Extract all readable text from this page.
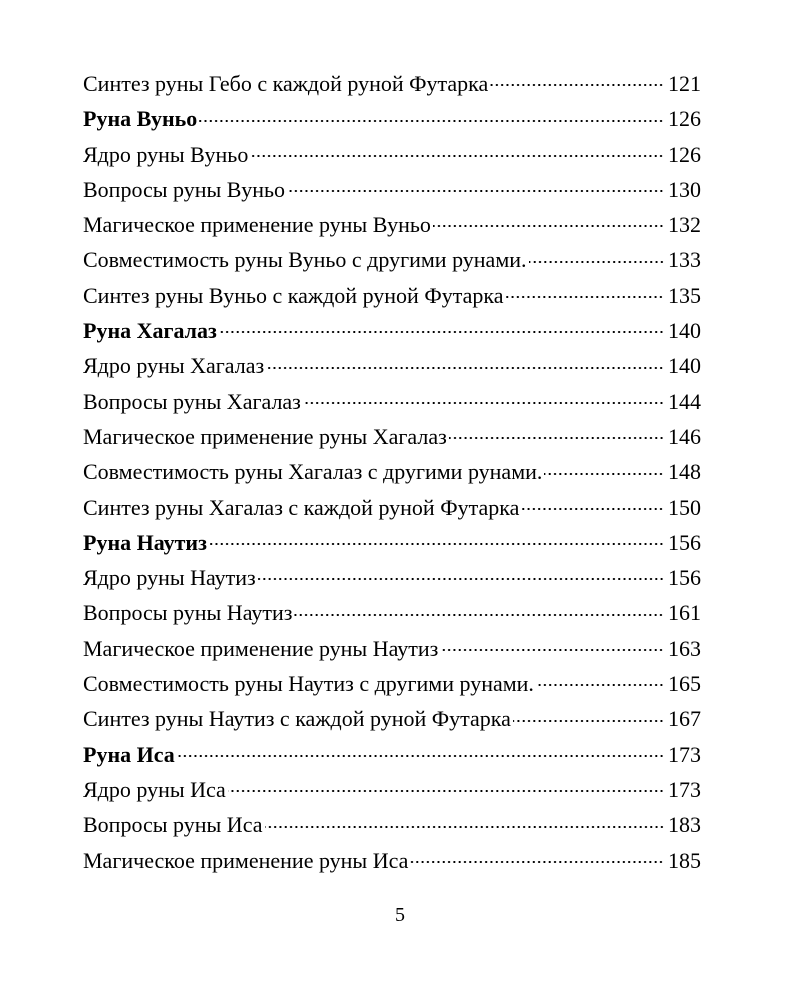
Синтез руны Гебо с каждой руной Футарка	121
Руна Вуньо	126
Ядро руны Вуньо	126
Вопросы руны Вуньо	130
Магическое применение руны Вуньо	132
Совместимость руны Вуньо с другими рунами.	133
Синтез руны Вуньо с каждой руной Футарка	135
Руна Хагалаз	140
Ядро руны Хагалаз	140
Вопросы руны Хагалаз	144
Магическое применение руны Хагалаз	146
Совместимость руны Хагалаз с другими рунами.	148
Синтез руны Хагалаз с каждой руной Футарка	150
Руна Наутиз	156
Ядро руны Наутиз	156
Вопросы руны Наутиз	161
Магическое применение руны Наутиз	163
Совместимость руны Наутиз с другими рунами.	165
Синтез руны Наутиз с каждой руной Футарка	167
Руна Иса	173
Ядро руны Иса	173
Вопросы руны Иса	183
Магическое применение руны Иса	185
5
